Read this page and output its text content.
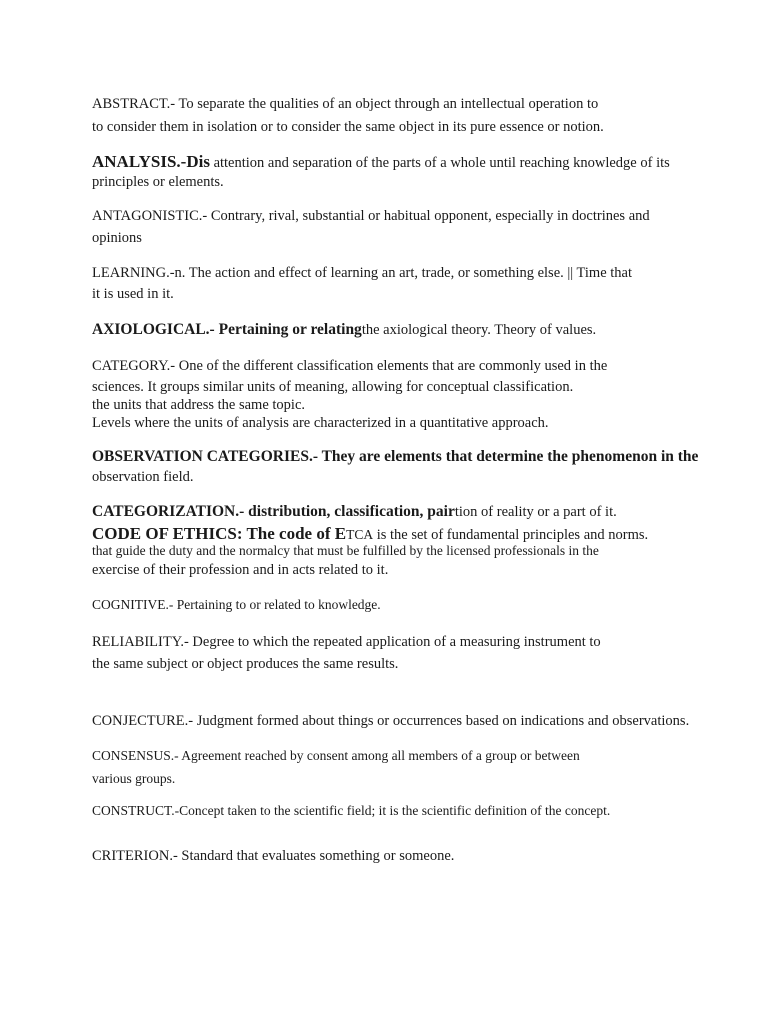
ABSTRACT.- To separate the qualities of an object through an intellectual operation to
to consider them in isolation or to consider the same object in its pure essence or notion.
ANALYSIS.-Dis attention and separation of the parts of a whole until reaching knowledge of its
principles or elements.
ANTAGONISTIC.- Contrary, rival, substantial or habitual opponent, especially in doctrines and
opinions
LEARNING.-n. The action and effect of learning an art, trade, or something else. || Time that
it is used in it.
AXIOLOGICAL.- Pertaining or relatingthe axiological theory. Theory of values.
CATEGORY.- One of the different classification elements that are commonly used in the
sciences. It groups similar units of meaning, allowing for conceptual classification.
the units that address the same topic.
Levels where the units of analysis are characterized in a quantitative approach.
OBSERVATION CATEGORIES.- They are elements that determine the phenomenon in the
observation field.
CATEGORIZATION.- distribution, classification, pairtion of reality or a part of it.
CODE OF ETHICS: The code of ETCA is the set of fundamental principles and norms.
that guide the duty and the normalcy that must be fulfilled by the licensed professionals in the
exercise of their profession and in acts related to it.
COGNITIVE.- Pertaining to or related to knowledge.
RELIABILITY.- Degree to which the repeated application of a measuring instrument to
the same subject or object produces the same results.
CONJECTURE.- Judgment formed about things or occurrences based on indications and observations.
CONSENSUS.- Agreement reached by consent among all members of a group or between
various groups.
CONSTRUCT.-Concept taken to the scientific field; it is the scientific definition of the concept.
CRITERION.- Standard that evaluates something or someone.
